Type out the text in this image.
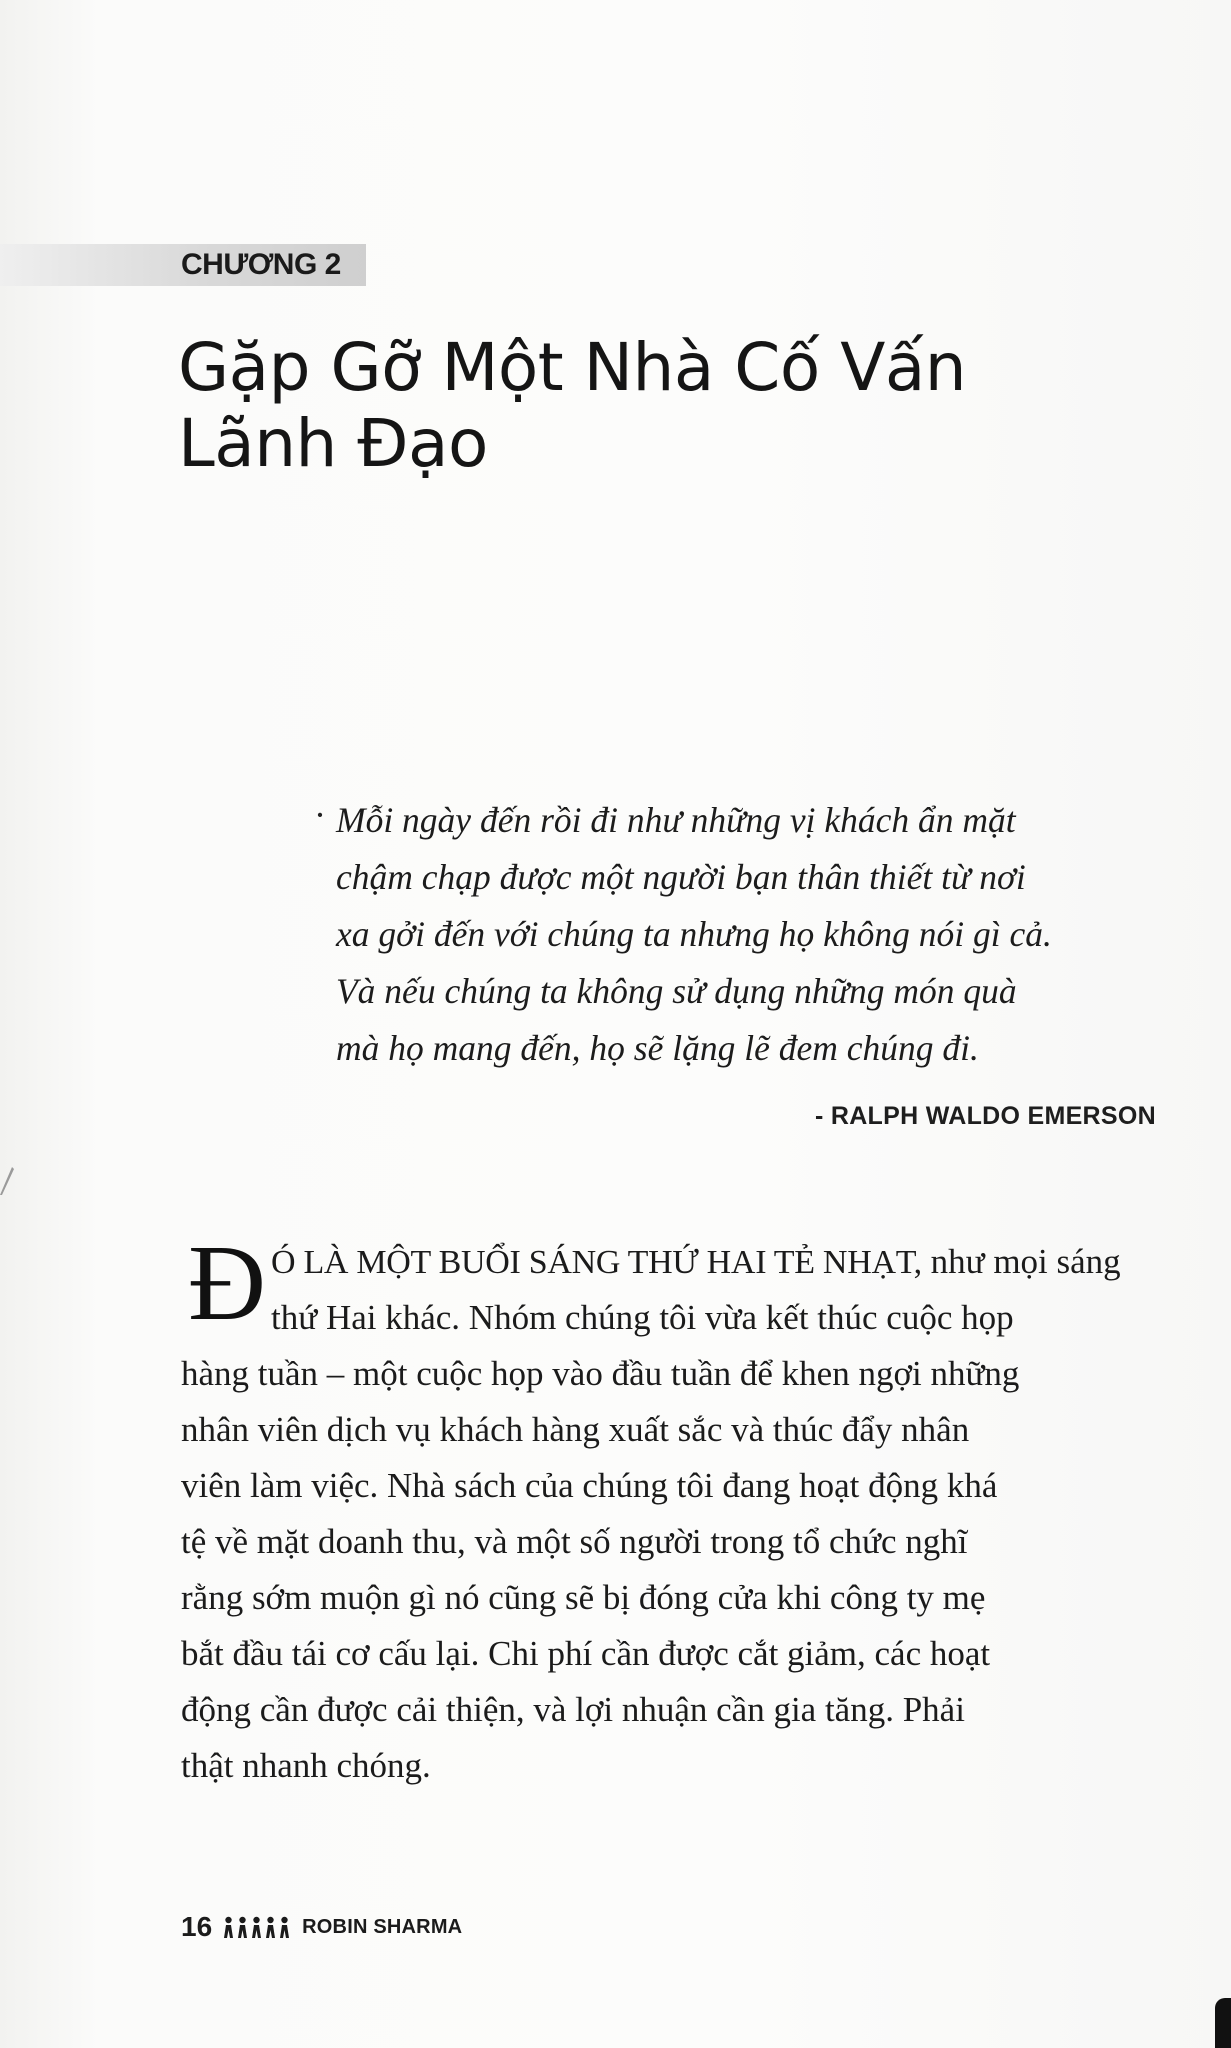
CHƯƠNG 2
Gặp Gỡ Một Nhà Cố Vấn
Lãnh Đạo
· Mỗi ngày đến rồi đi như những vị khách ẩn mặt
chậm chạp được một người bạn thân thiết từ nơi
xa gởi đến với chúng ta nhưng họ không nói gì cả.
Và nếu chúng ta không sử dụng những món quà
mà họ mang đến, họ sẽ lặng lẽ đem chúng đi.

- RALPH WALDO EMERSON
Đ Ó LÀ MỘT BUỔI SÁNG THỨ HAI TẺ NHẠT, như mọi sáng
thứ Hai khác. Nhóm chúng tôi vừa kết thúc cuộc họp
hàng tuần – một cuộc họp vào đầu tuần để khen ngợi những
nhân viên dịch vụ khách hàng xuất sắc và thúc đẩy nhân
viên làm việc. Nhà sách của chúng tôi đang hoạt động khá
tệ về mặt doanh thu, và một số người trong tổ chức nghĩ
rằng sớm muộn gì nó cũng sẽ bị đóng cửa khi công ty mẹ
bắt đầu tái cơ cấu lại. Chi phí cần được cắt giảm, các hoạt
động cần được cải thiện, và lợi nhuận cần gia tăng. Phải
thật nhanh chóng.
16	ROBIN SHARMA
